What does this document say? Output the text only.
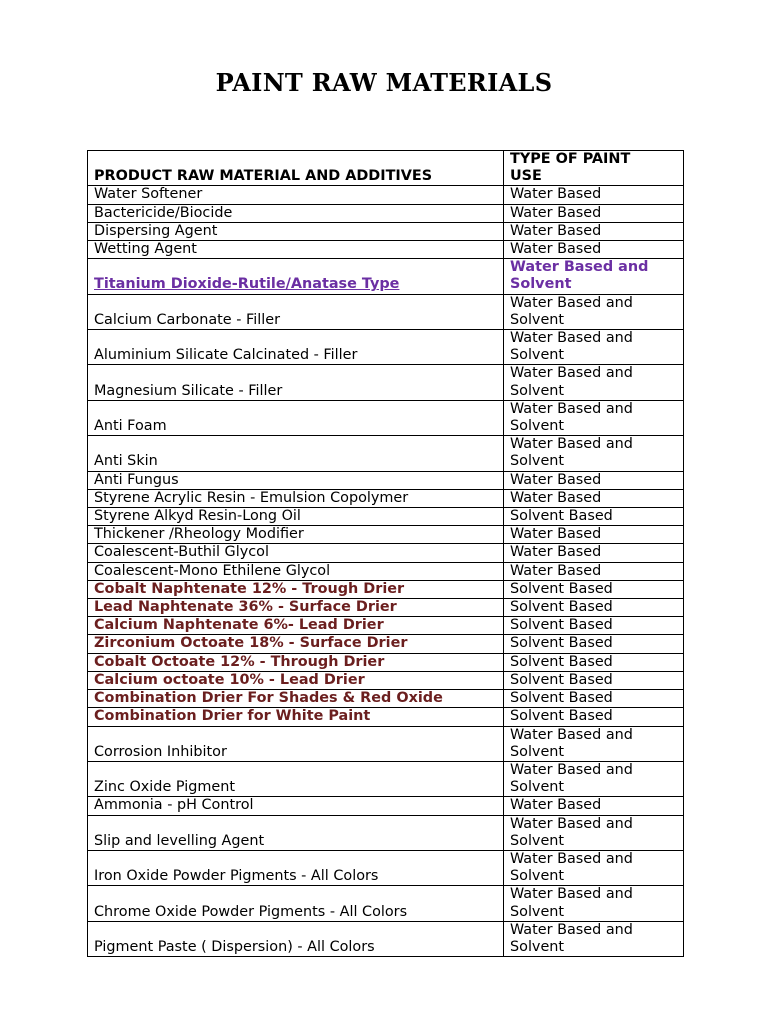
PAINT RAW MATERIALS
PRODUCT RAW MATERIAL AND ADDITIVES	TYPE OF PAINT
USE
Water Softener	Water Based
Bactericide/Biocide	Water Based
Dispersing Agent	Water Based
Wetting Agent	Water Based
Titanium Dioxide-Rutile/Anatase Type	Water Based and
Solvent
Calcium Carbonate - Filler	Water Based and
Solvent
Aluminium Silicate Calcinated - Filler	Water Based and
Solvent
Magnesium Silicate - Filler	Water Based and
Solvent
Anti Foam	Water Based and
Solvent
Anti Skin	Water Based and
Solvent
Anti Fungus	Water Based
Styrene Acrylic Resin - Emulsion Copolymer	Water Based
Styrene Alkyd Resin-Long Oil	Solvent Based
Thickener /Rheology Modifier	Water Based
Coalescent-Buthil Glycol	Water Based
Coalescent-Mono Ethilene Glycol	Water Based
Cobalt Naphtenate 12% - Trough Drier	Solvent Based
Lead Naphtenate 36% - Surface Drier	Solvent Based
Calcium Naphtenate 6%- Lead Drier	Solvent Based
Zirconium Octoate 18% - Surface Drier	Solvent Based
Cobalt Octoate 12% - Through Drier	Solvent Based
Calcium octoate 10% - Lead Drier	Solvent Based
Combination Drier For Shades & Red Oxide	Solvent Based
Combination Drier for White Paint	Solvent Based
Corrosion Inhibitor	Water Based and
Solvent
Zinc Oxide Pigment	Water Based and
Solvent
Ammonia - pH Control	Water Based
Slip and levelling Agent	Water Based and
Solvent
Iron Oxide Powder Pigments - All Colors	Water Based and
Solvent
Chrome Oxide Powder Pigments - All Colors	Water Based and
Solvent
Pigment Paste ( Dispersion) - All Colors	Water Based and
Solvent
